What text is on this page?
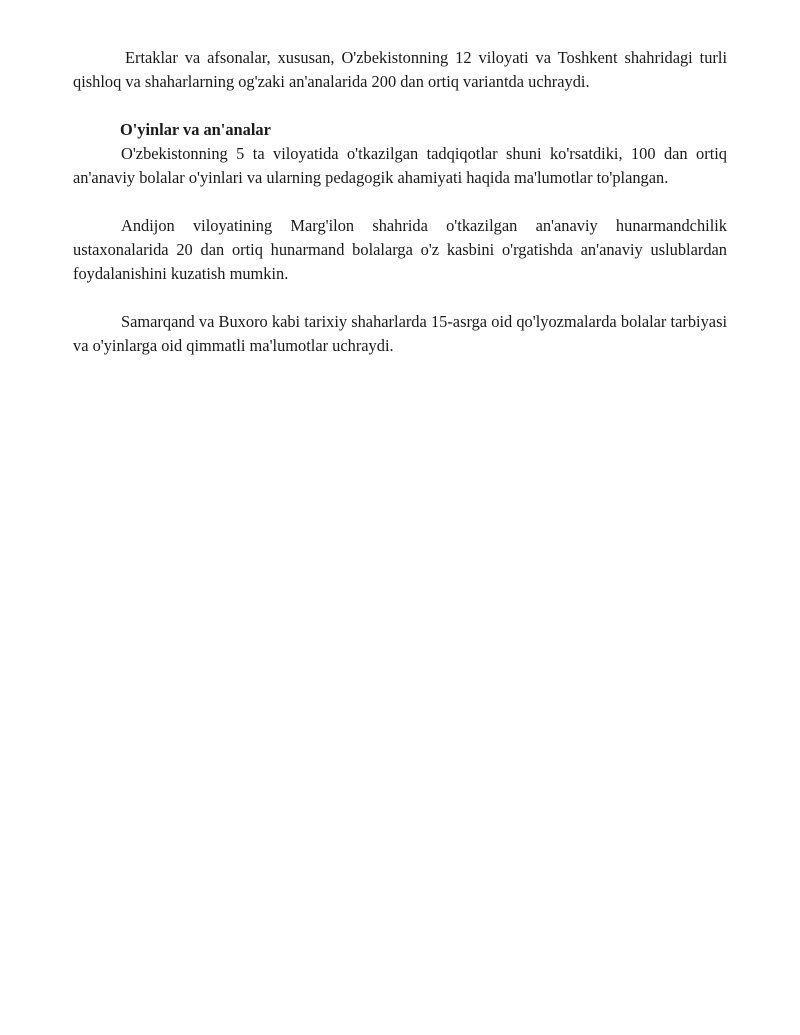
Ertaklar va afsonalar, xususan, O'zbekistonning 12 viloyati va Toshkent shahridagi turli qishloq va shaharlarning og'zaki an'analarida 200 dan ortiq variantda uchraydi.

O'yinlar va an'analar

O'zbekistonning 5 ta viloyatida o'tkazilgan tadqiqotlar shuni ko'rsatdiki, 100 dan ortiq an'anaviy bolalar o'yinlari va ularning pedagogik ahamiyati haqida ma'lumotlar to'plangan.

Andijon viloyatining Marg'ilon shahrida o'tkazilgan an'anaviy hunarmandchilik ustaxonalarida 20 dan ortiq hunarmand bolalarga o'z kasbini o'rgatishda an'anaviy uslublardan foydalanishini kuzatish mumkin.

Samarqand va Buxoro kabi tarixiy shaharlarda 15-asrga oid qo'lyozmalarda bolalar tarbiyasi va o'yinlarga oid qimmatli ma'lumotlar uchraydi.
